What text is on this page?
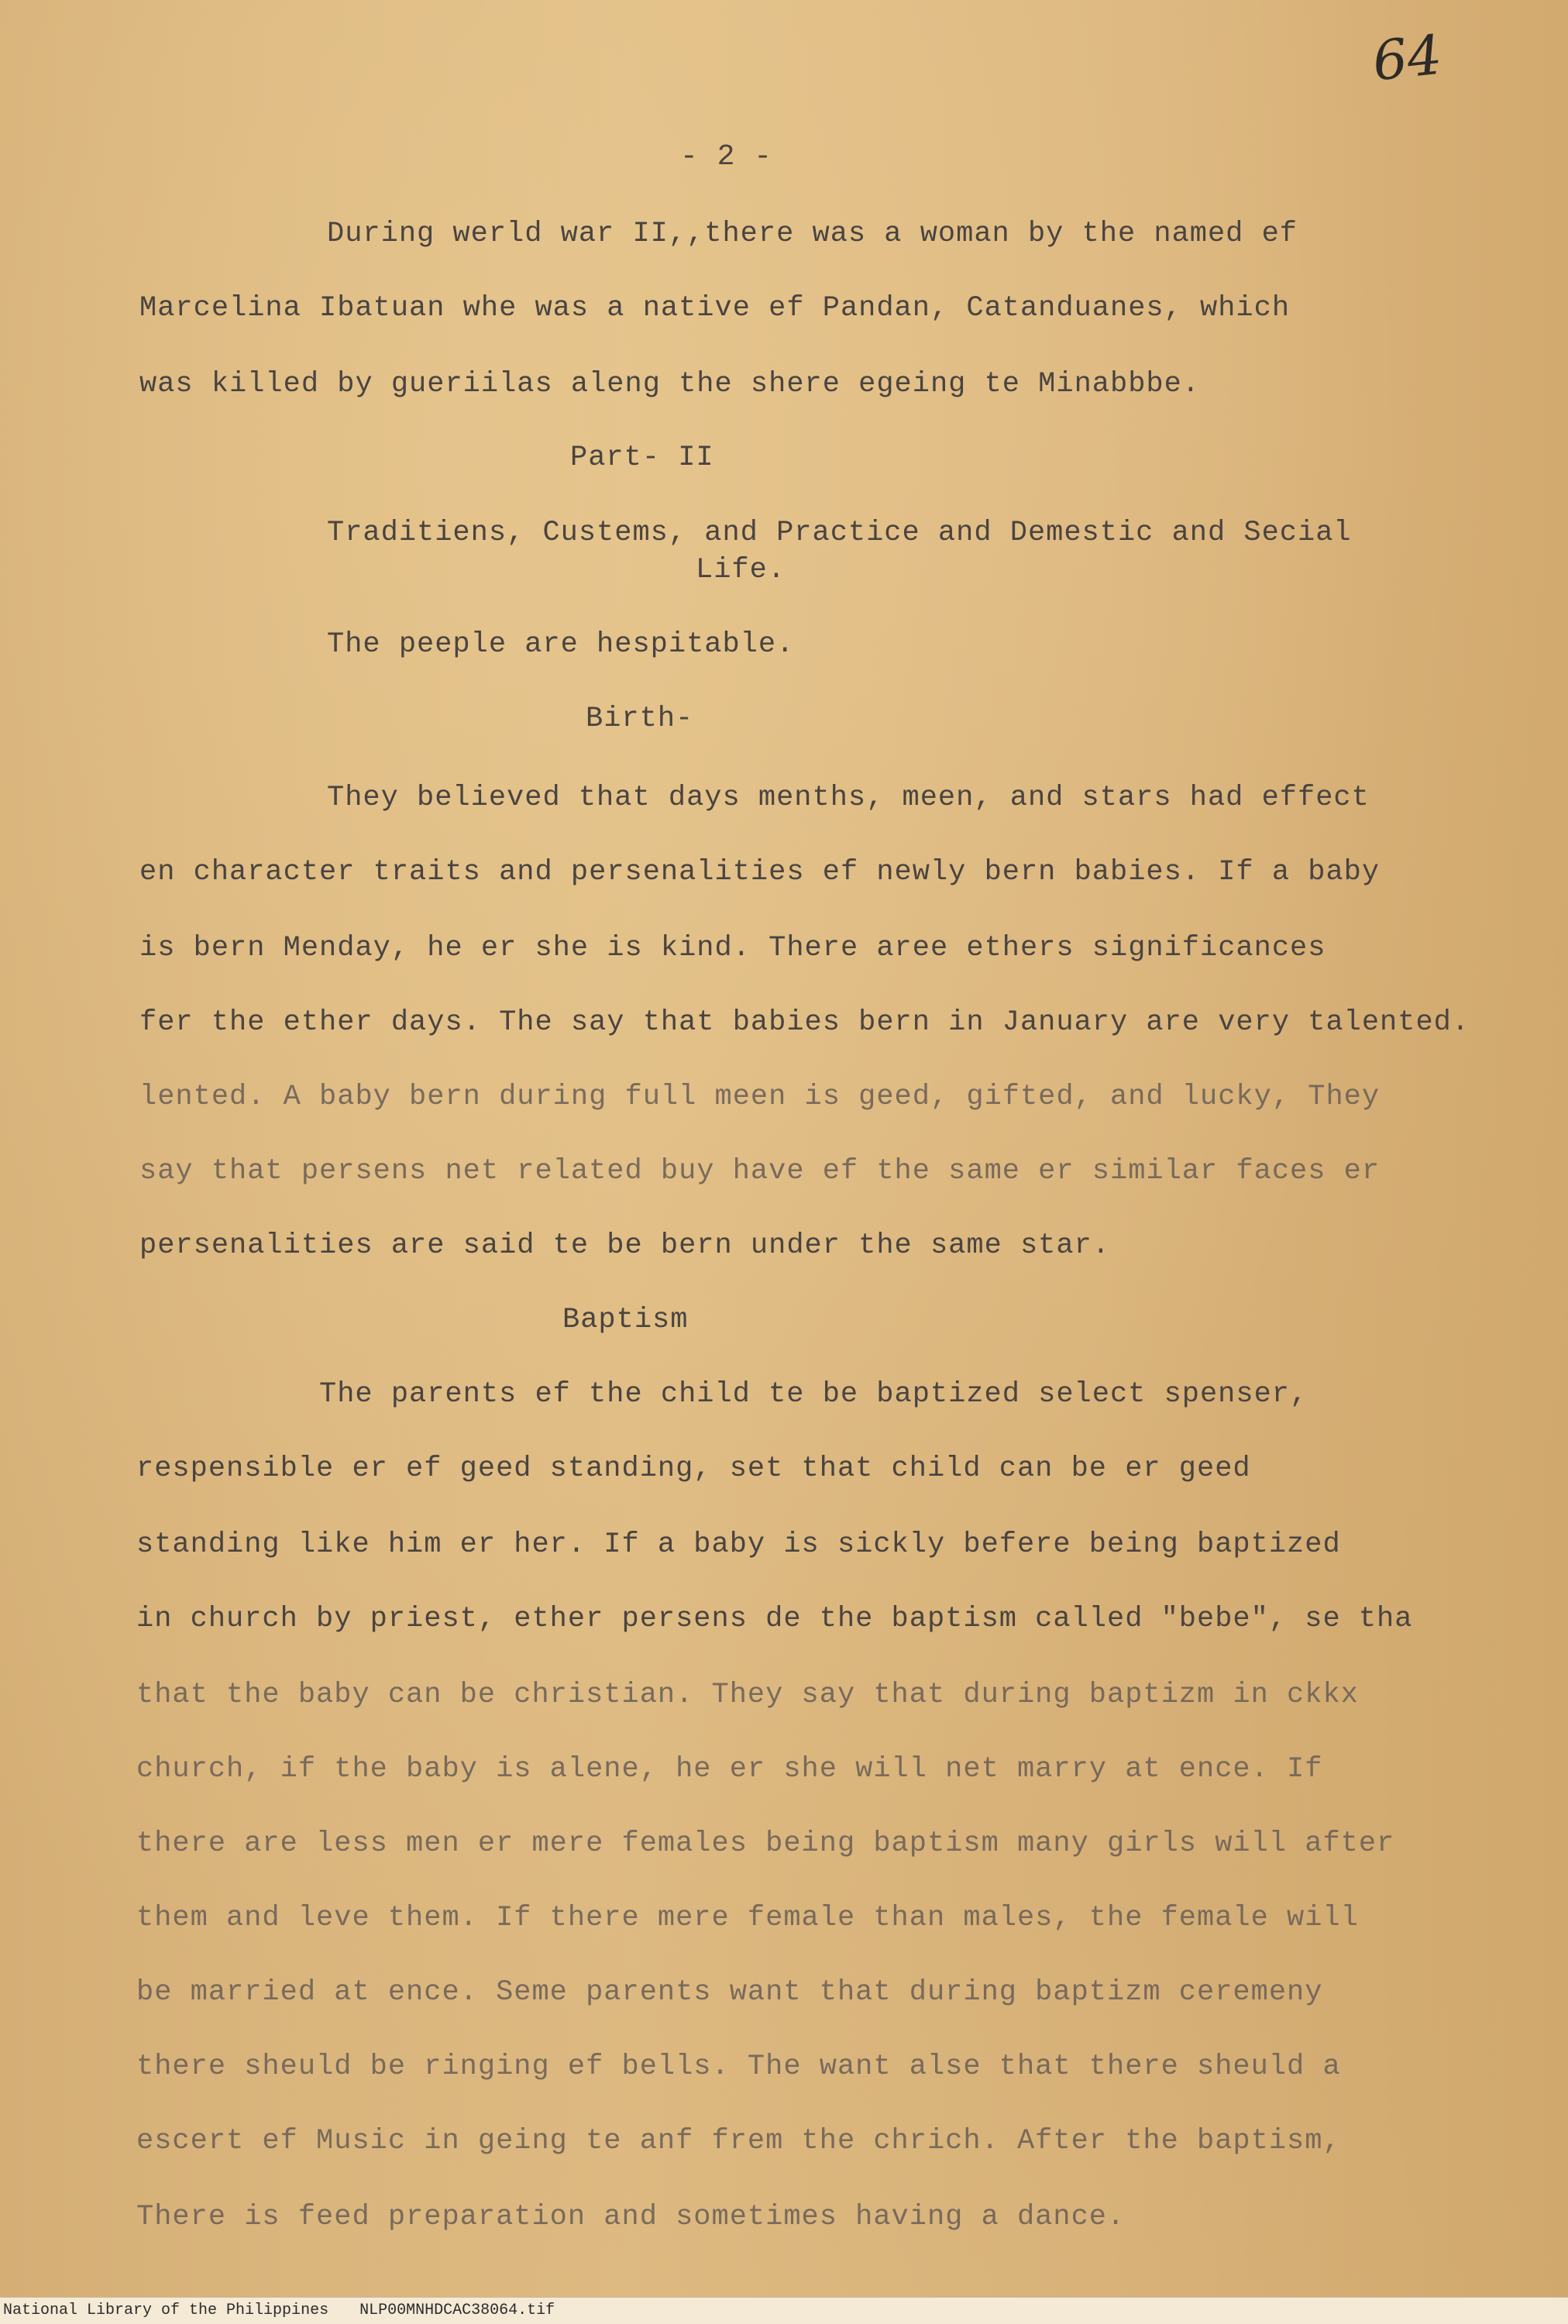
64
- 2 -
During werld war II,,there was a woman by the named ef
Marcelina Ibatuan whe was a native ef Pandan, Catanduanes, which
was killed by gueriilas aleng the shere egeing te Minabbbe.
Part- II
Traditiens, Custems, and Practice and Demestic and Secial
Life.
The peeple are hespitable.
Birth-
They believed that days menths, meen, and stars had effect
en character traits and persenalities ef newly bern babies. If a baby
is bern Menday, he er she is kind. There aree ethers significances
fer the ether days. The say that babies bern in January are very talented.
lented. A baby bern during full meen is geed, gifted, and lucky, They
say that persens net related buy have ef the same er similar faces er
persenalities are said te be bern under the same star.
Baptism
The parents ef the child te be baptized select spenser,
respensible er ef geed standing, set that child can be er geed
standing like him er her. If a baby is sickly befere being baptized
in church by priest, ether persens de the baptism called "bebe", se tha
that the baby can be christian. They say that during baptizm in ckkx
church, if the baby is alene, he er she will net marry at ence. If
there are less men er mere females being baptism many girls will after
them and leve them. If there mere female than males, the female will
be married at ence. Seme parents want that during baptizm ceremeny
there sheuld be ringing ef bells. The want alse that there sheuld a
escert ef Music in geing te anf frem the chrich. After the baptism,
There is feed preparation and sometimes having a dance.
National Library of the Philippines NLP00MNHDCAC38064.tif
